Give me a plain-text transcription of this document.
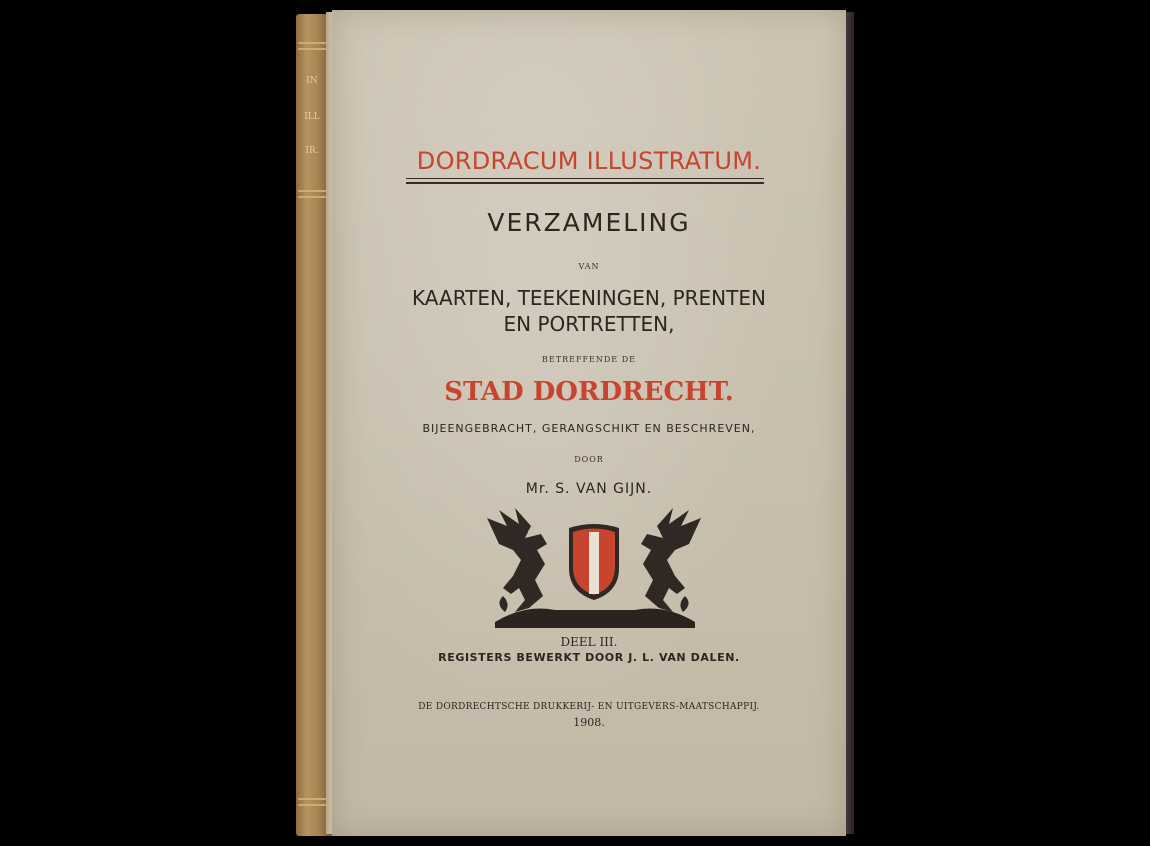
IN
ILL
IR.	DORDRACUM ILLUSTRATUM.
VERZAMELING
VAN
KAARTEN, TEEKENINGEN, PRENTEN
EN PORTRETTEN,
BETREFFENDE DE
STAD DORDRECHT.
BIJEENGEBRACHT, GERANGSCHIKT EN BESCHREVEN,
DOOR
Mr. S. VAN GIJN.
DEEL III.
REGISTERS BEWERKT DOOR J. L. VAN DALEN.
DE DORDRECHTSCHE DRUKKERIJ- EN UITGEVERS-MAATSCHAPPIJ.
1908.
